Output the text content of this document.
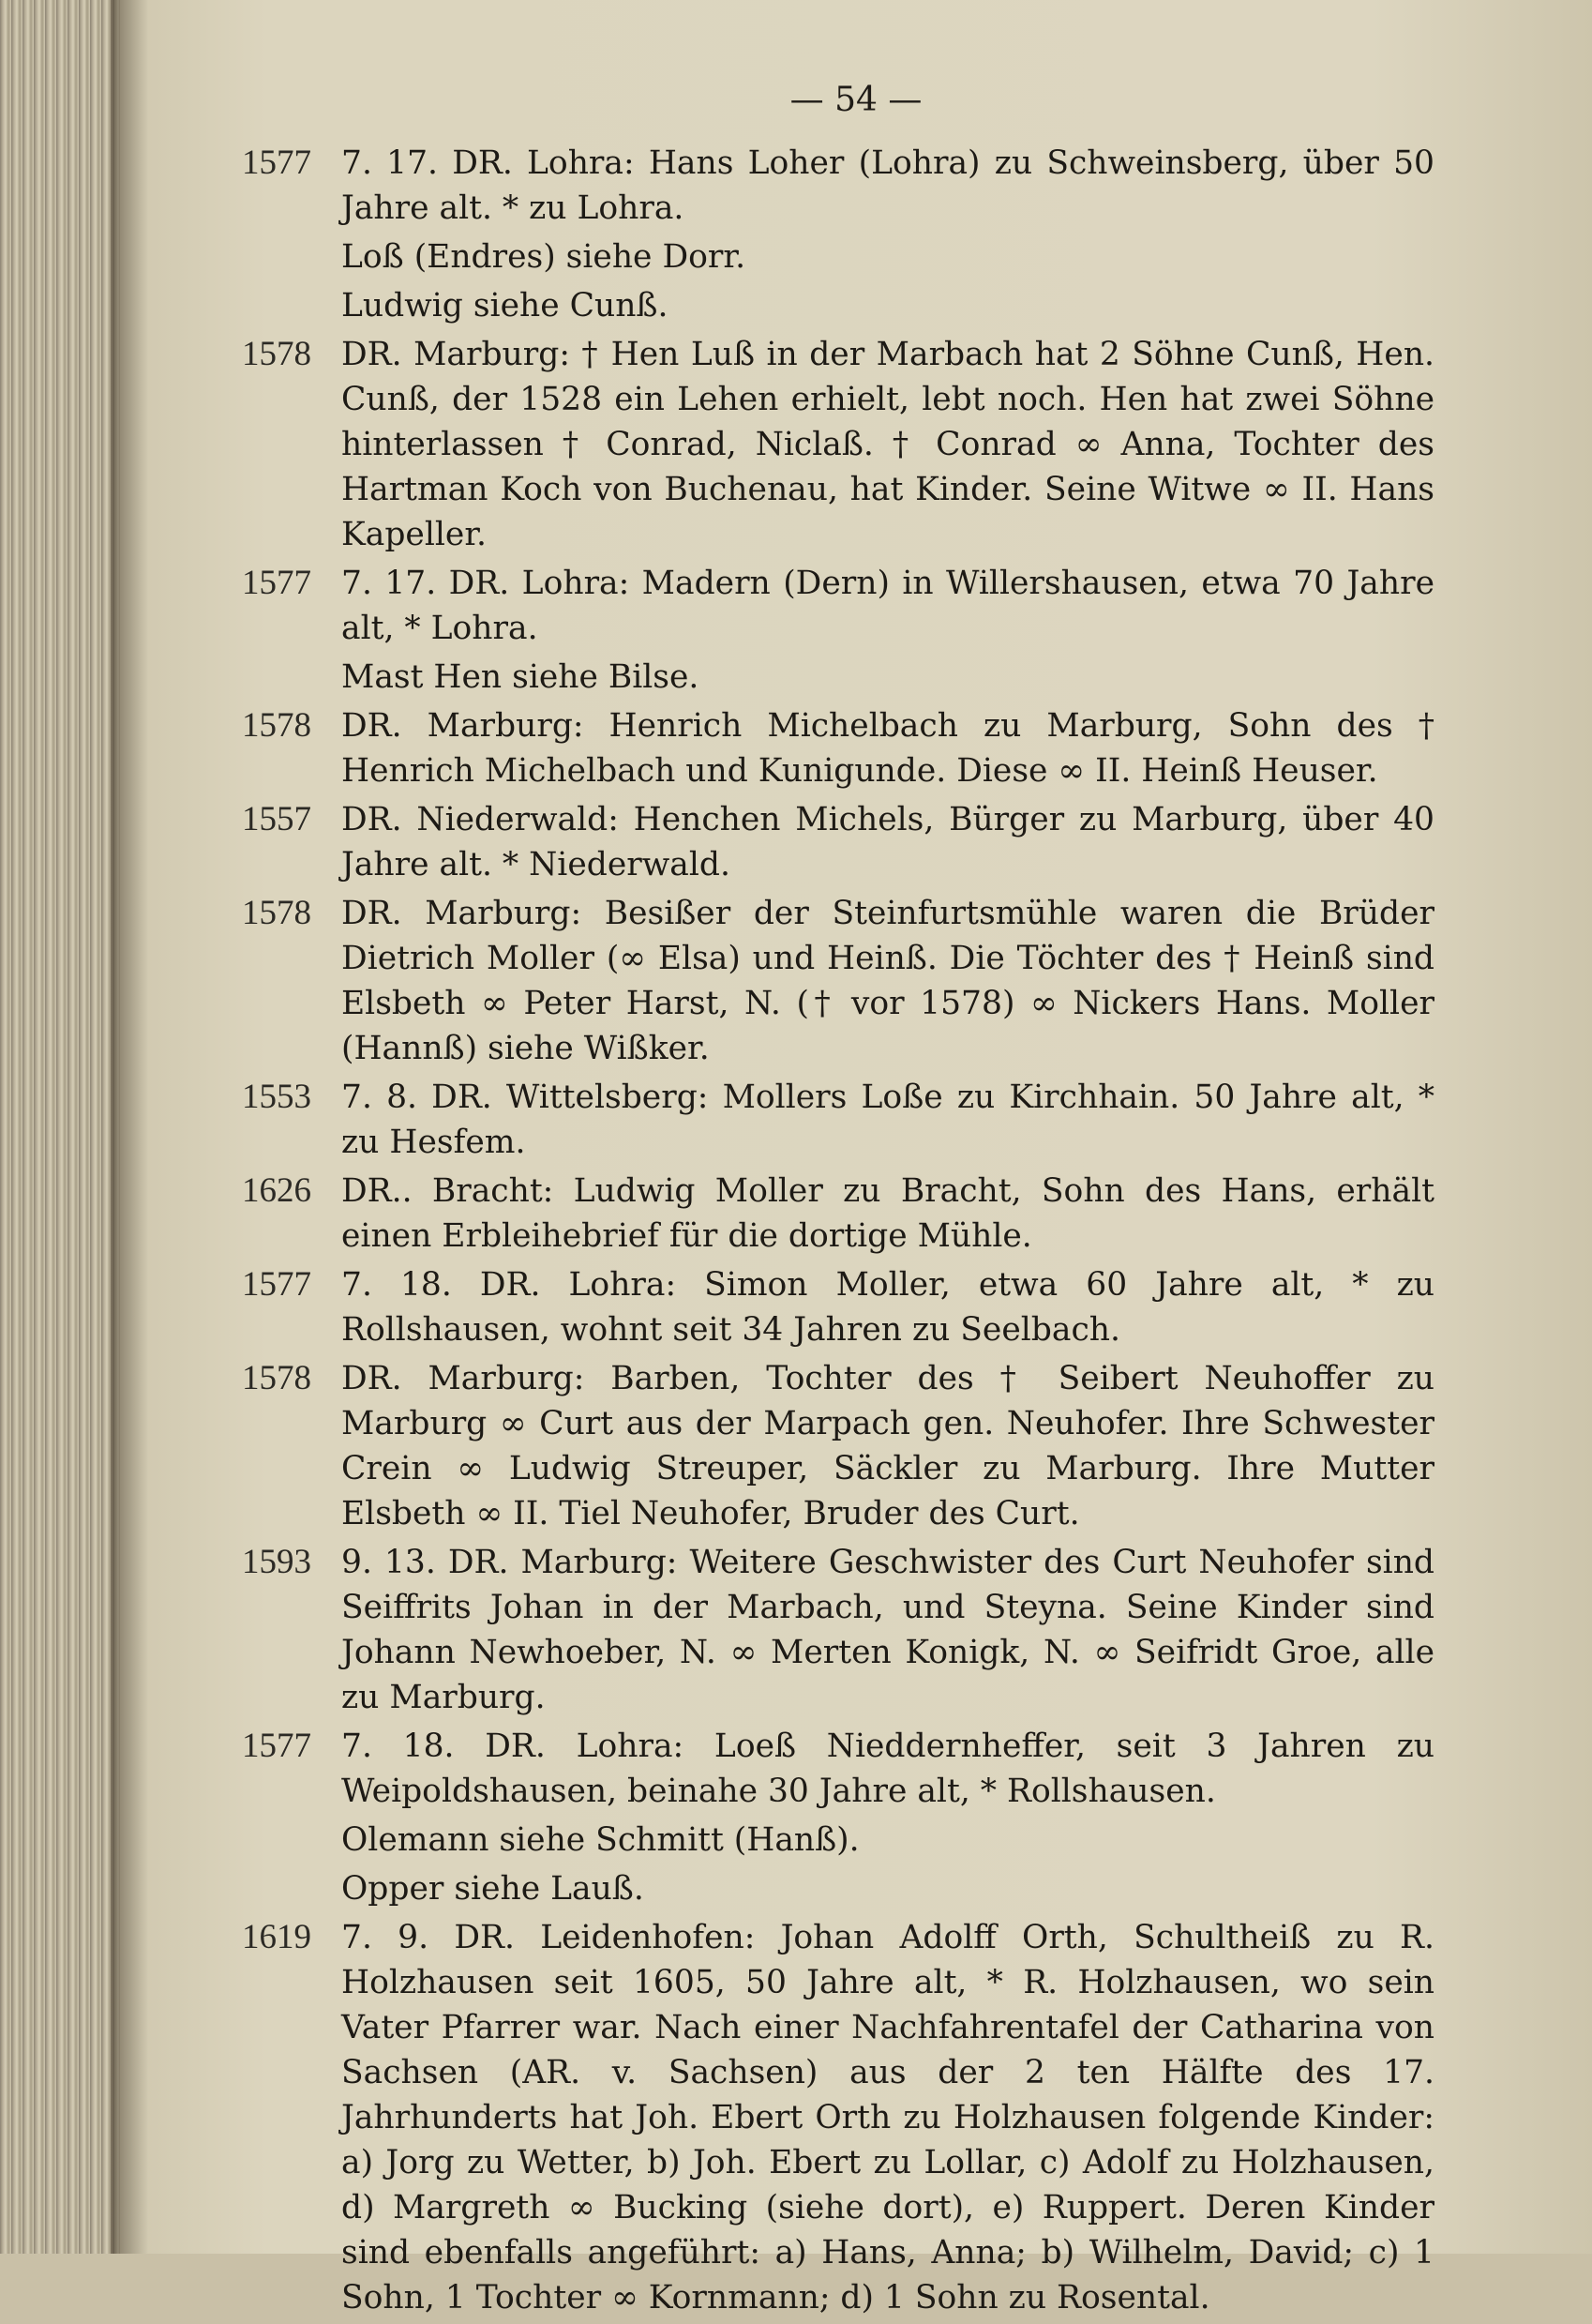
— 54 —
1577 7. 17. DR. Lohra: Hans Loher (Lohra) zu Schweinsberg, über 50 Jahre alt. * zu Lohra.
Loß (Endres) siehe Dorr.
Ludwig siehe Cunß.
1578 DR. Marburg: † Hen Luß in der Marbach hat 2 Söhne Cunß, Hen. Cunß, der 1528 ein Lehen erhielt, lebt noch. Hen hat zwei Söhne hinterlassen † Conrad, Niclaß. † Conrad ∞ Anna, Tochter des Hartman Koch von Buchenau, hat Kinder. Seine Witwe ∞ II. Hans Kapeller.
1577 7. 17. DR. Lohra: Madern (Dern) in Willershausen, etwa 70 Jahre alt, * Lohra.
Mast Hen siehe Bilse.
1578 DR. Marburg: Henrich Michelbach zu Marburg, Sohn des † Henrich Michelbach und Kunigunde. Diese ∞ II. Heinß Heuser.
1557 DR. Niederwald: Henchen Michels, Bürger zu Marburg, über 40 Jahre alt. * Niederwald.
1578 DR. Marburg: Besißer der Steinfurtsmühle waren die Brüder Dietrich Moller (∞ Elsa) und Heinß. Die Töchter des † Heinß sind Elsbeth ∞ Peter Harst, N. († vor 1578) ∞ Nickers Hans. Moller (Hannß) siehe Wißker.
1553 7. 8. DR. Wittelsberg: Mollers Loße zu Kirchhain. 50 Jahre alt, * zu Hesfem.
1626 DR.. Bracht: Ludwig Moller zu Bracht, Sohn des Hans, erhält einen Erbleihebrief für die dortige Mühle.
1577 7. 18. DR. Lohra: Simon Moller, etwa 60 Jahre alt, * zu Rollshausen, wohnt seit 34 Jahren zu Seelbach.
1578 DR. Marburg: Barben, Tochter des † Seibert Neuhoffer zu Marburg ∞ Curt aus der Marpach gen. Neuhofer. Ihre Schwester Crein ∞ Ludwig Streuper, Säckler zu Marburg. Ihre Mutter Elsbeth ∞ II. Tiel Neuhofer, Bruder des Curt.
1593 9. 13. DR. Marburg: Weitere Geschwister des Curt Neuhofer sind Seiffrits Johan in der Marbach, und Steyna. Seine Kinder sind Johann Newhoeber, N. ∞ Merten Konigk, N. ∞ Seifridt Groe, alle zu Marburg.
1577 7. 18. DR. Lohra: Loeß Nieddernheffer, seit 3 Jahren zu Weipoldshausen, beinahe 30 Jahre alt, * Rollshausen.
Olemann siehe Schmitt (Hanß).
Opper siehe Lauß.
1619 7. 9. DR. Leidenhofen: Johan Adolff Orth, Schultheiß zu R. Holzhausen seit 1605, 50 Jahre alt, * R. Holzhausen, wo sein Vater Pfarrer war. Nach einer Nachfahrentafel der Catharina von Sachsen (AR. v. Sachsen) aus der 2 ten Hälfte des 17. Jahrhunderts hat Joh. Ebert Orth zu Holzhausen folgende Kinder: a) Jorg zu Wetter, b) Joh. Ebert zu Lollar, c) Adolf zu Holzhausen, d) Margreth ∞ Bucking (siehe dort), e) Ruppert. Deren Kinder sind ebenfalls angeführt: a) Hans, Anna; b) Wilhelm, David; c) 1 Sohn, 1 Tochter ∞ Kornmann; d) 1 Sohn zu Rosental.
